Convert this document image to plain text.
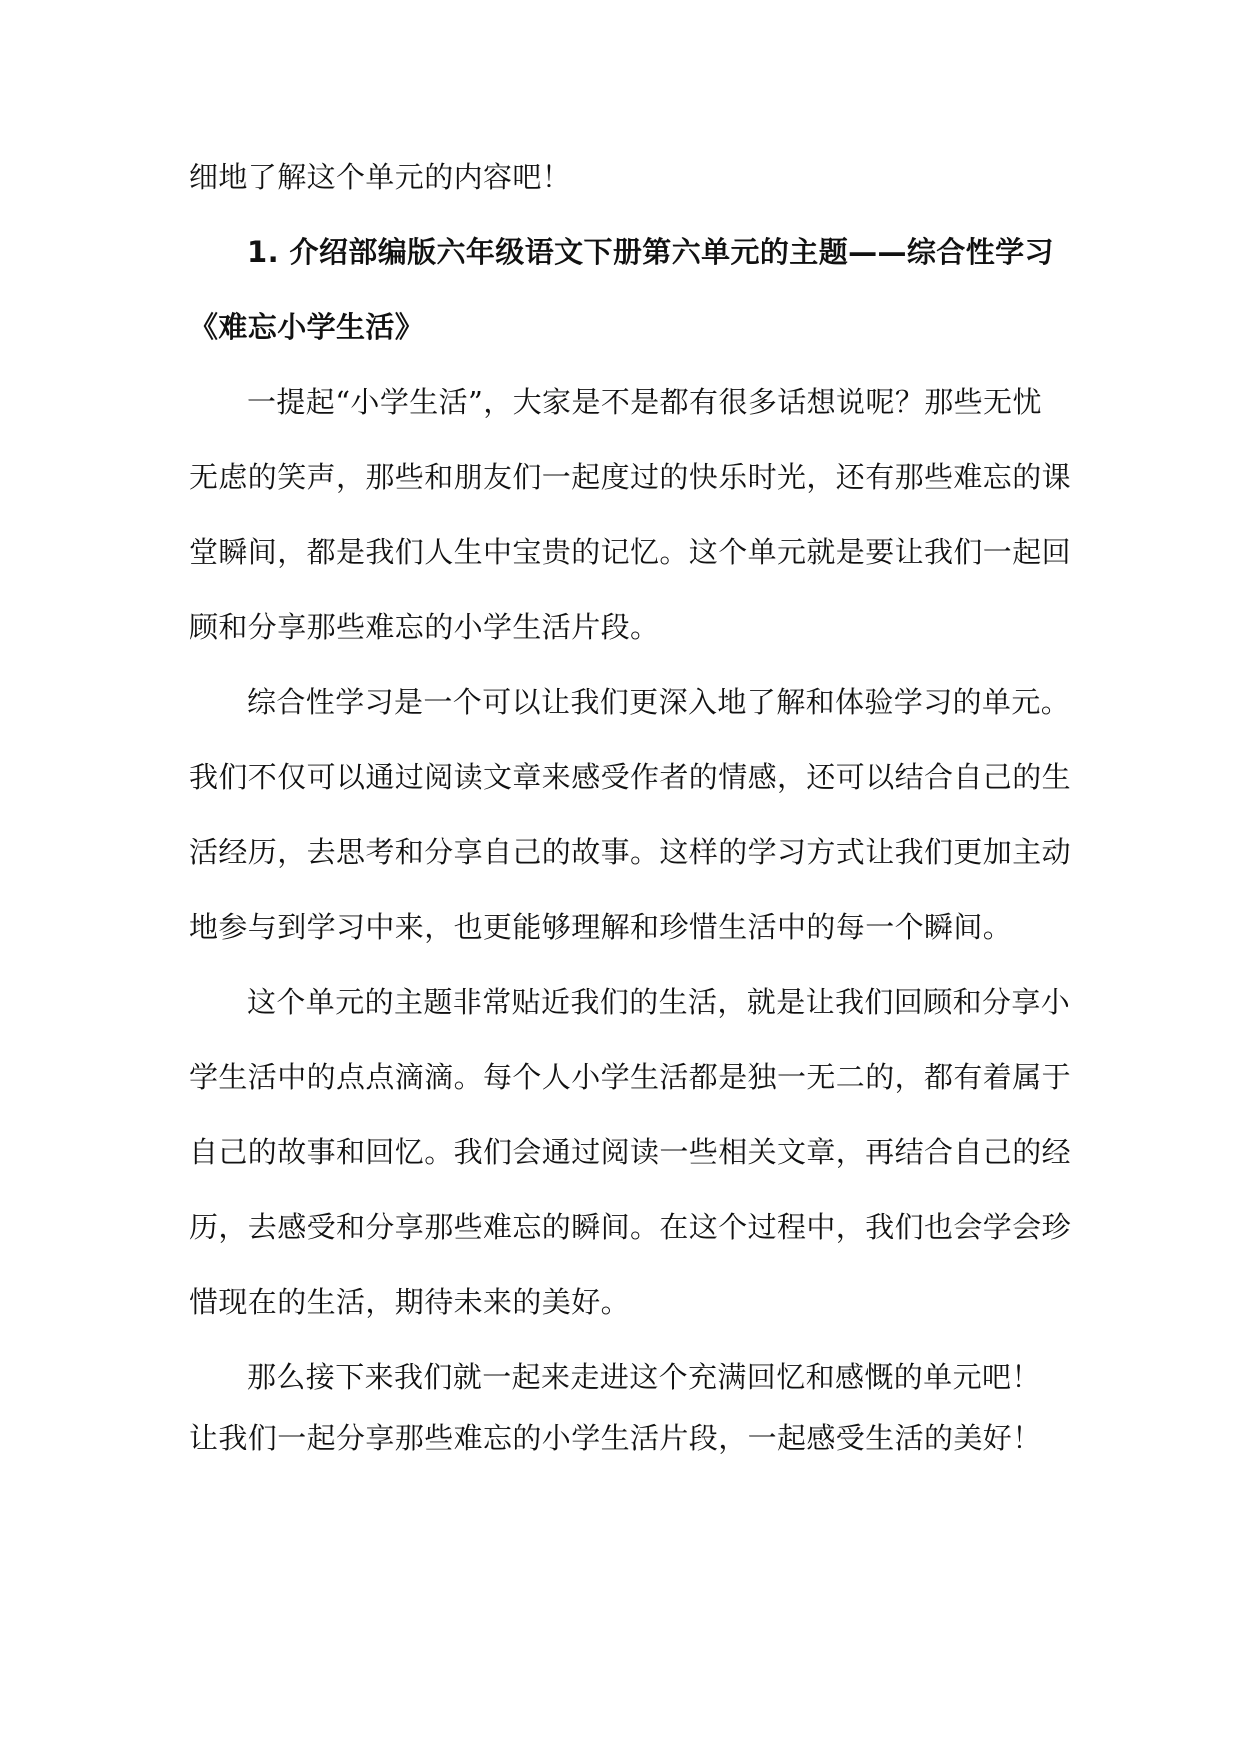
细地了解这个单元的内容吧！
1. 介绍部编版六年级语文下册第六单元的主题——综合性学习
《难忘小学生活》
一提起“小学生活”，大家是不是都有很多话想说呢？那些无忧
无虑的笑声，那些和朋友们一起度过的快乐时光，还有那些难忘的课
堂瞬间，都是我们人生中宝贵的记忆。这个单元就是要让我们一起回
顾和分享那些难忘的小学生活片段。
综合性学习是一个可以让我们更深入地了解和体验学习的单元。
我们不仅可以通过阅读文章来感受作者的情感，还可以结合自己的生
活经历，去思考和分享自己的故事。这样的学习方式让我们更加主动
地参与到学习中来，也更能够理解和珍惜生活中的每一个瞬间。
这个单元的主题非常贴近我们的生活，就是让我们回顾和分享小
学生活中的点点滴滴。每个人小学生活都是独一无二的，都有着属于
自己的故事和回忆。我们会通过阅读一些相关文章，再结合自己的经
历，去感受和分享那些难忘的瞬间。在这个过程中，我们也会学会珍
惜现在的生活，期待未来的美好。
那么接下来我们就一起来走进这个充满回忆和感慨的单元吧！
让我们一起分享那些难忘的小学生活片段，一起感受生活的美好！
